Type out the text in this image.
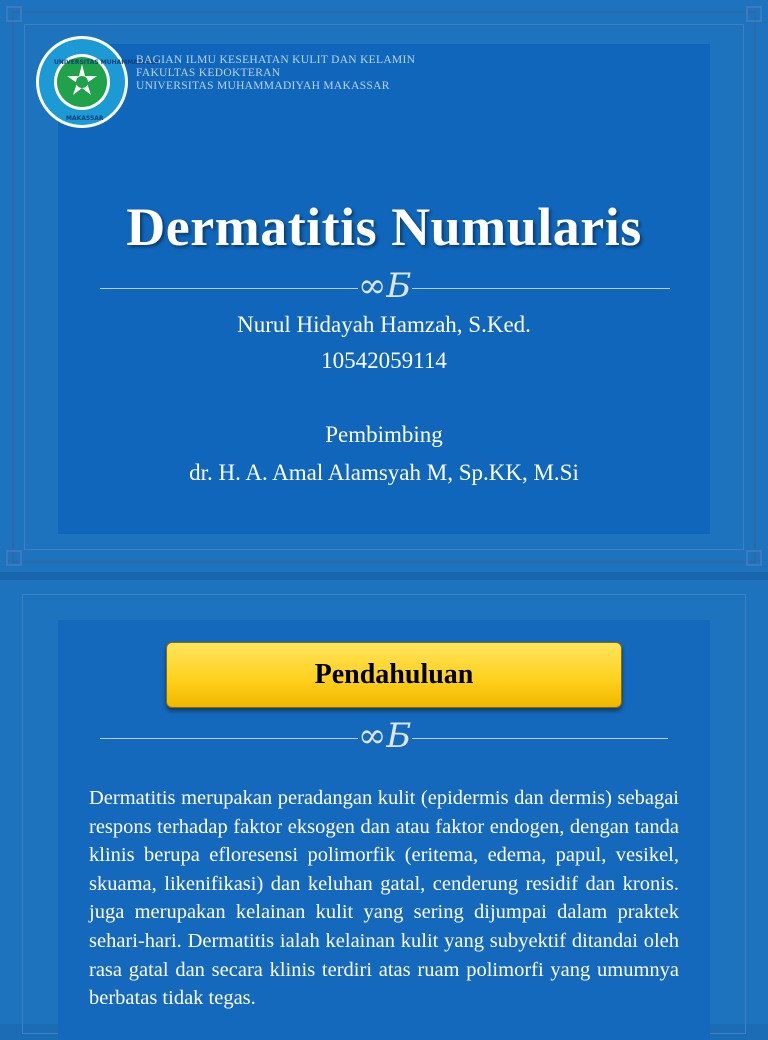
UNIVERSITAS MUHAMMADIYAH
MAKASSAR
BAGIAN ILMU KESEHATAN KULIT DAN KELAMIN
FAKULTAS KEDOKTERAN
UNIVERSITAS MUHAMMADIYAH MAKASSAR
Dermatitis Numularis
∞Б
Nurul Hidayah Hamzah, S.Ked.
10542059114
Pembimbing
dr. H. A. Amal Alamsyah M, Sp.KK, M.Si
Pendahuluan
∞Б
Dermatitis merupakan peradangan kulit (epidermis dan dermis) sebagai respons terhadap faktor eksogen dan atau faktor endogen, dengan tanda klinis berupa efloresensi polimorfik (eritema, edema, papul, vesikel, skuama, likenifikasi) dan keluhan gatal, cenderung residif dan kronis. juga merupakan kelainan kulit yang sering dijumpai dalam praktek sehari-hari. Dermatitis ialah kelainan kulit yang subyektif ditandai oleh rasa gatal dan secara klinis terdiri atas ruam polimorfi yang umumnya berbatas tidak tegas.
